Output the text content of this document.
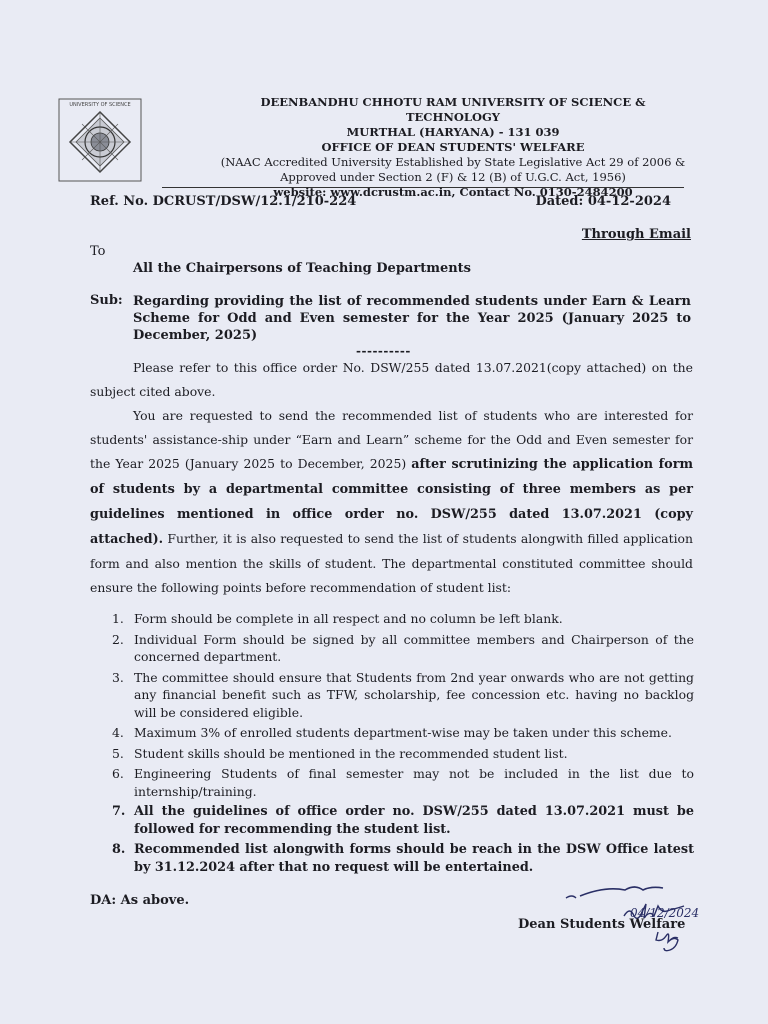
UNIVERSITY OF SCIENCE	DEENBANDHU CHHOTU RAM UNIVERSITY OF SCIENCE & TECHNOLOGY
MURTHAL (HARYANA) - 131 039
OFFICE OF DEAN STUDENTS' WELFARE
(NAAC Accredited University Established by State Legislative Act 29 of 2006 &
Approved under Section 2 (F) & 12 (B) of U.G.C. Act, 1956)
website: www.dcrustm.ac.in, Contact No. 0130-2484200
Ref. No. DCRUST/DSW/12.1/210-224	Dated: 04-12-2024
Through Email
To
All the Chairpersons of Teaching Departments
Sub: Regarding providing the list of recommended students under Earn & Learn Scheme for Odd and Even semester for the Year 2025 (January 2025 to December, 2025)
----------

Please refer to this office order No. DSW/255 dated 13.07.2021(copy attached) on the subject cited above.

You are requested to send the recommended list of students who are interested for students' assistance-ship under “Earn and Learn” scheme for the Odd and Even semester for the Year 2025 (January 2025 to December, 2025) after scrutinizing the application form of students by a departmental committee consisting of three members as per guidelines mentioned in office order no. DSW/255 dated 13.07.2021 (copy attached). Further, it is also requested to send the list of students alongwith filled application form and also mention the skills of student. The departmental constituted committee should ensure the following points before recommendation of student list:

1. Form should be complete in all respect and no column be left blank.
2. Individual Form should be signed by all committee members and Chairperson of the concerned department.
3. The committee should ensure that Students from 2nd year onwards who are not getting any financial benefit such as TFW, scholarship, fee concession etc. having no backlog will be considered eligible.
4. Maximum 3% of enrolled students department-wise may be taken under this scheme.
5. Student skills should be mentioned in the recommended student list.
6. Engineering Students of final semester may not be included in the list due to internship/training.
7. All the guidelines of office order no. DSW/255 dated 13.07.2021 must be followed for recommending the student list.
8. Recommended list alongwith forms should be reach in the DSW Office latest by 31.12.2024 after that no request will be entertained.
DA: As above.
04/12/2024
Dean Students Welfare
